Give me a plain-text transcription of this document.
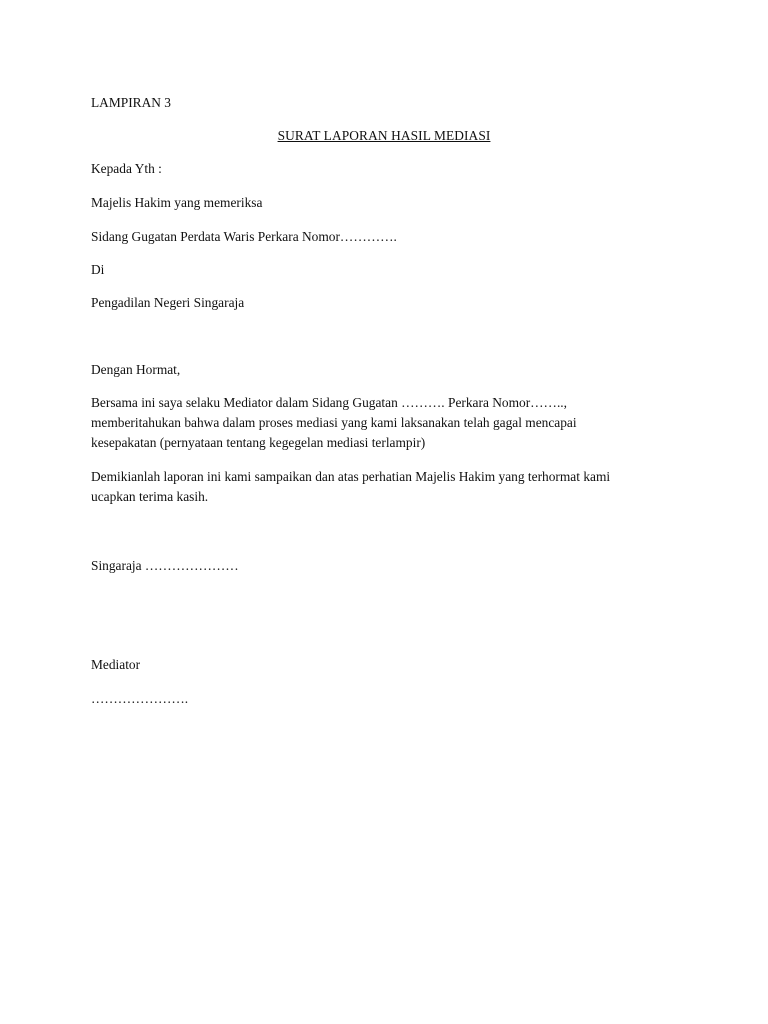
LAMPIRAN 3
SURAT LAPORAN HASIL MEDIASI
Kepada Yth :
Majelis Hakim yang memeriksa
Sidang Gugatan Perdata Waris Perkara Nomor………….
Di
Pengadilan Negeri Singaraja
Dengan Hormat,
Bersama ini saya selaku Mediator dalam Sidang Gugatan ………. Perkara Nomor……..,
memberitahukan bahwa dalam proses mediasi yang kami laksanakan telah gagal mencapai
kesepakatan (pernyataan tentang kegegelan mediasi terlampir)
Demikianlah laporan ini kami sampaikan dan atas perhatian Majelis Hakim yang terhormat kami
ucapkan terima kasih.
Singaraja …………………
Mediator
………………….
